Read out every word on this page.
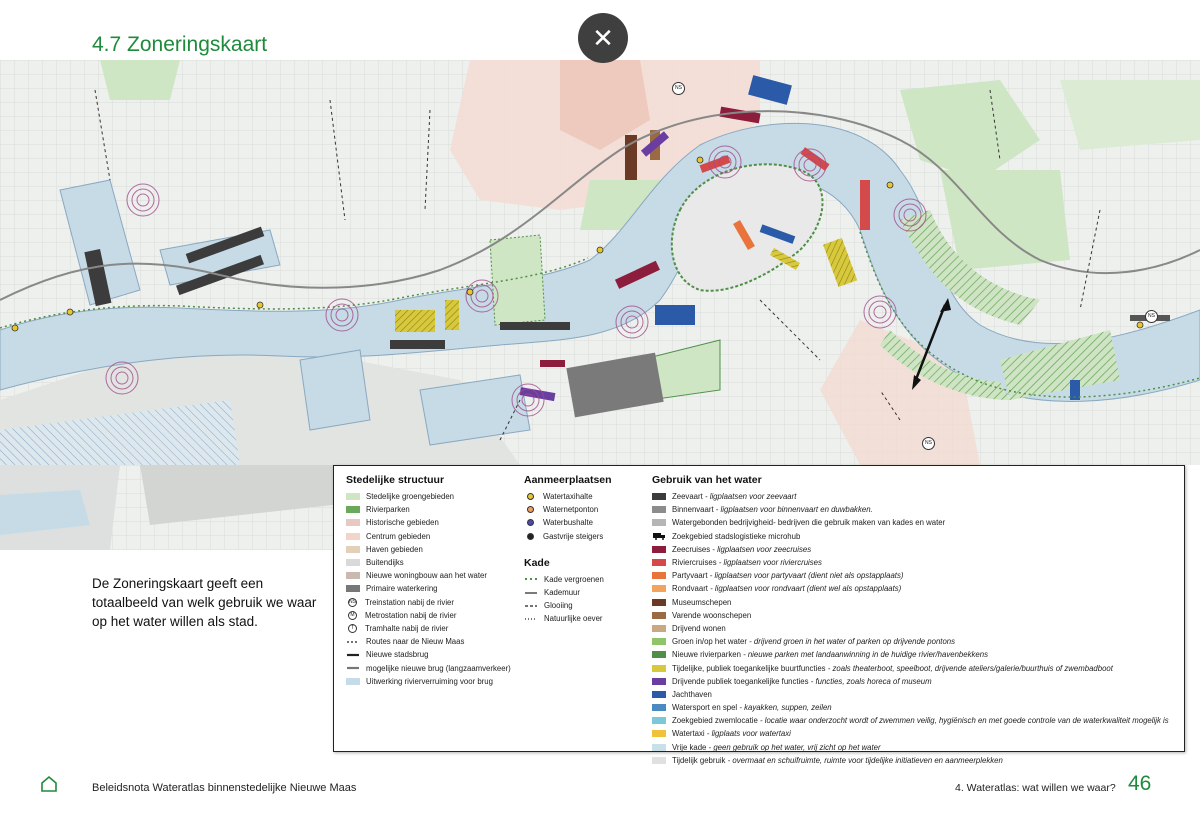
4.7 Zoneringskaart	✕
NS
NS
NS

De Zoneringskaart geeft een totaalbeeld van welk gebruik we waar op het water willen als stad.

Stedelijke structuur
Stedelijke groengebieden
Rivierparken
Historische gebieden
Centrum gebieden
Haven gebieden
Buitendijks
Nieuwe woningbouw aan het water
Primaire waterkering
NS Treinstation nabij de rivier
M	Metrostation nabij de rivier
T	Tramhalte nabij de rivier
Routes naar de Nieuw Maas
Nieuwe stadsbrug
mogelijke nieuwe brug (langzaamverkeer)
Uitwerking rivierverruiming voor brug
Aanmeerplaatsen
Watertaxihalte
Waternetponton
Waterbushalte
Gastvrije steigers
Kade
Kade vergroenen
Kademuur
Glooiing
Natuurlijke oever
Gebruik van het water
Zeevaart - ligplaatsen voor zeevaart
Binnenvaart - ligplaatsen voor binnenvaart en duwbakken.
Watergebonden bedrijvigheid- bedrijven die gebruik maken van kades en water
Zoekgebied stadslogistieke microhub
Zeecruises - ligplaatsen voor zeecruises
Riviercruises - ligplaatsen voor riviercruises
Partyvaart - ligplaatsen voor partyvaart (dient niet als opstapplaats)
Rondvaart - ligplaatsen voor rondvaart (dient wel als opstapplaats)
Museumschepen
Varende woonschepen
Drijvend wonen
Groen in/op het water - drijvend groen in het water of parken op drijvende pontons
Nieuwe rivierparken - nieuwe parken met landaanwinning in de huidige rivier/havenbekkens
Tijdelijke, publiek toegankelijke buurtfuncties - zoals theaterboot, speelboot, drijvende ateliers/galerie/buurthuis of zwembadboot
Drijvende publiek toegankelijke functies - functies, zoals horeca of museum
Jachthaven
Watersport en spel - kayakken, suppen, zeilen
Zoekgebied zwemlocatie - locatie waar onderzocht wordt of zwemmen veilig, hygiënisch en met goede controle van de waterkwaliteit mogelijk is
Watertaxi - ligplaats voor watertaxi
Vrije kade - geen gebruik op het water, vrij zicht op het water
Tijdelijk gebruik - overmaat en schuifruimte, ruimte voor tijdelijke initiatieven en aanmeerplekken
Beleidsnota Wateratlas binnenstedelijke Nieuwe Maas	4. Wateratlas: wat willen we waar? 46
